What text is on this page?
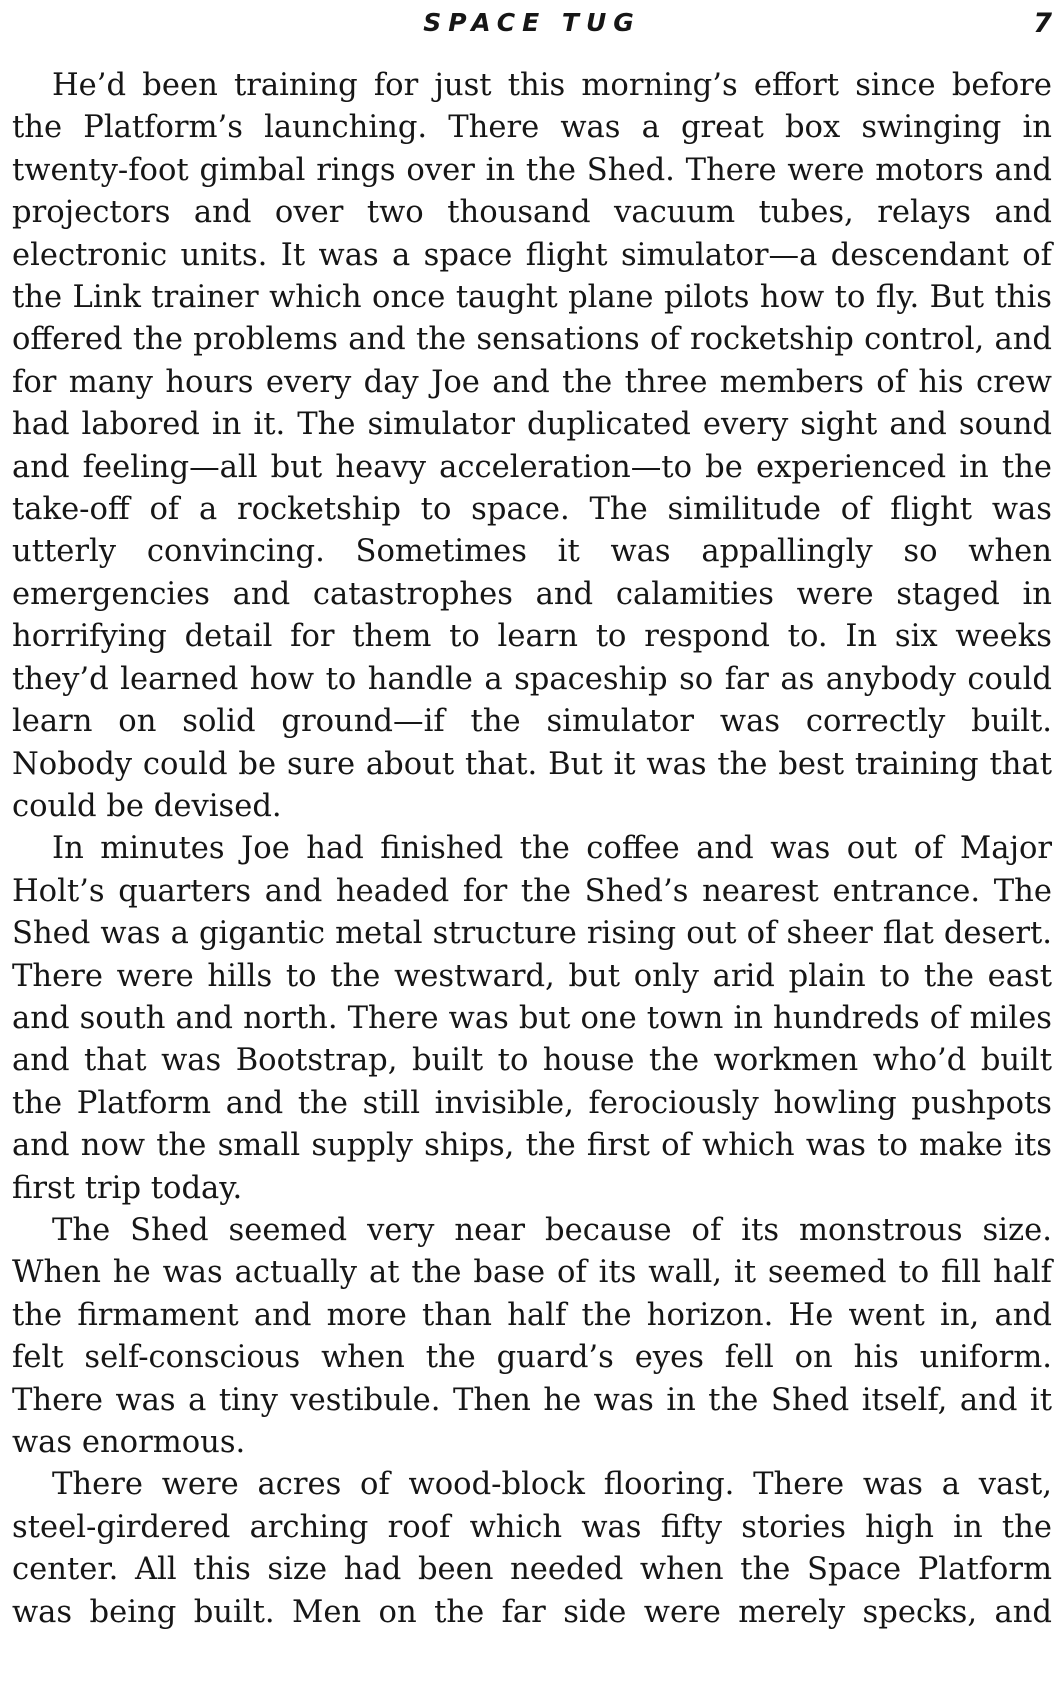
SPACE TUG	7

He’d been training for just this morning’s effort since before the Platform’s launching. There was a great box swinging in twenty-foot gimbal rings over in the Shed. There were motors and projectors and over two thousand vacuum tubes, relays and electronic units. It was a space flight simulator—a descendant of the Link trainer which once taught plane pilots how to fly. But this offered the problems and the sensations of rocketship control, and for many hours every day Joe and the three members of his crew had labored in it. The simulator duplicated every sight and sound and feeling—all but heavy acceleration—to be experienced in the take-off of a rocketship to space. The similitude of flight was utterly convincing. Sometimes it was appallingly so when emergencies and catastrophes and calamities were staged in horrifying detail for them to learn to respond to. In six weeks they’d learned how to handle a spaceship so far as anybody could learn on solid ground—if the simulator was correctly built. Nobody could be sure about that. But it was the best training that could be devised.

In minutes Joe had finished the coffee and was out of Major Holt’s quarters and headed for the Shed’s nearest entrance. The Shed was a gigantic metal structure rising out of sheer flat desert. There were hills to the westward, but only arid plain to the east and south and north. There was but one town in hundreds of miles and that was Bootstrap, built to house the workmen who’d built the Platform and the still invisible, ferociously howling pushpots and now the small supply ships, the first of which was to make its first trip today.

The Shed seemed very near because of its monstrous size. When he was actually at the base of its wall, it seemed to fill half the firmament and more than half the horizon. He went in, and felt self-conscious when the guard’s eyes fell on his uniform. There was a tiny vestibule. Then he was in the Shed itself, and it was enormous.

There were acres of wood-block flooring. There was a vast, steel-girdered arching roof which was fifty stories high in the center. All this size had been needed when the Space Platform was being built. Men on the far side were merely specks, and
